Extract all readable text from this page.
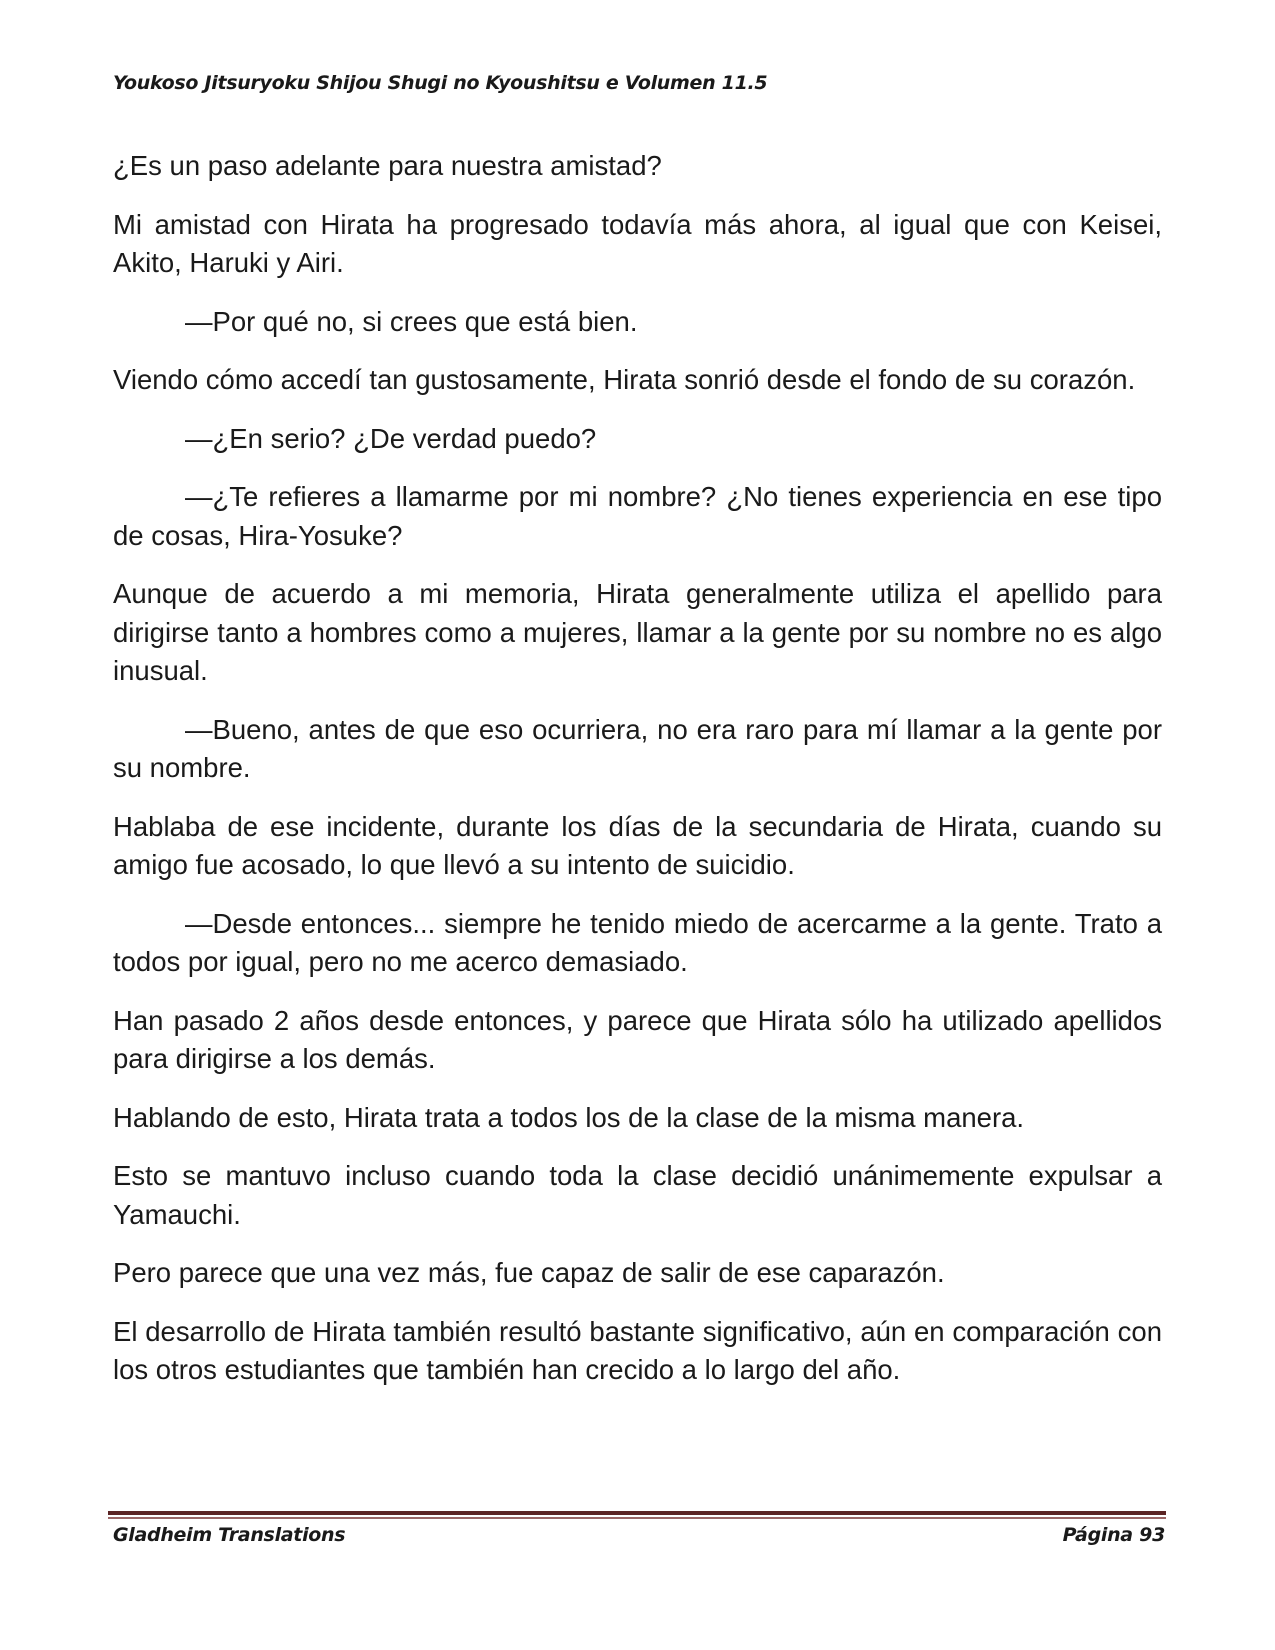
Youkoso Jitsuryoku Shijou Shugi no Kyoushitsu e Volumen 11.5

¿Es un paso adelante para nuestra amistad?

Mi amistad con Hirata ha progresado todavía más ahora, al igual que con Keisei, Akito, Haruki y Airi.

—Por qué no, si crees que está bien.

Viendo cómo accedí tan gustosamente, Hirata sonrió desde el fondo de su corazón.

—¿En serio? ¿De verdad puedo?

—¿Te refieres a llamarme por mi nombre? ¿No tienes experiencia en ese tipo de cosas, Hira-Yosuke?

Aunque de acuerdo a mi memoria, Hirata generalmente utiliza el apellido para dirigirse tanto a hombres como a mujeres, llamar a la gente por su nombre no es algo inusual.

—Bueno, antes de que eso ocurriera, no era raro para mí llamar a la gente por su nombre.

Hablaba de ese incidente, durante los días de la secundaria de Hirata, cuando su amigo fue acosado, lo que llevó a su intento de suicidio.

—Desde entonces... siempre he tenido miedo de acercarme a la gente. Trato a todos por igual, pero no me acerco demasiado.

Han pasado 2 años desde entonces, y parece que Hirata sólo ha utilizado apellidos para dirigirse a los demás.

Hablando de esto, Hirata trata a todos los de la clase de la misma manera.

Esto se mantuvo incluso cuando toda la clase decidió unánimemente expulsar a Yamauchi.

Pero parece que una vez más, fue capaz de salir de ese caparazón.

El desarrollo de Hirata también resultó bastante significativo, aún en comparación con los otros estudiantes que también han crecido a lo largo del año.

Gladheim Translations	Página 93
